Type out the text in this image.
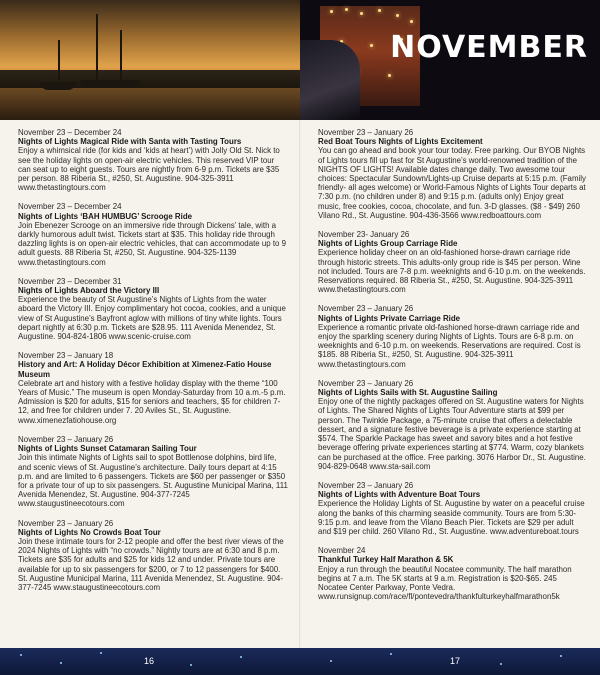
NOVEMBER
November 23 – December 24
Nights of Lights Magical Ride with Santa with Tasting Tours
Enjoy a whimsical ride (for kids and ‘kids at heart’) with Jolly Old St. Nick to see the holiday lights on open-air electric vehicles. This reserved VIP tour can seat up to eight guests. Tours are nightly from 6-9 p.m. Tickets are $35 per person. 88 Riberia St., #250, St. Augustine. 904-325-3911 www.thetastingtours.com
November 23 – December 24
Nights of Lights ‘BAH HUMBUG’ Scrooge Ride
Join Ebenezer Scrooge on an immersive ride through Dickens’ tale, with a darkly humorous adult twist. Tickets start at $35. This holiday ride through dazzling lights is on open-air electric vehicles, that can accommodate up to 9 adult guests. 88 Riberia St, #250, St. Augustine. 904-325-1139 www.thetastingtours.com
November 23 – December 31
Nights of Lights Aboard the Victory III
Experience the beauty of St Augustine’s Nights of Lights from the water aboard the Victory III. Enjoy complimentary hot cocoa, cookies, and a unique view of St Augustine’s Bayfront aglow with millions of tiny white lights. Tours depart nightly at 6:30 p.m. Tickets are $28.95. 111 Avenida Menendez, St. Augustine. 904-824-1806 www.scenic-cruise.com
November 23 – January 18
History and Art: A Holiday Décor Exhibition at Ximenez-Fatio House Museum
Celebrate art and history with a festive holiday display with the theme “100 Years of Music.” The museum is open Monday-Saturday from 10 a.m.-5 p.m. Admission is $20 for adults, $15 for seniors and teachers, $5 for children 7-12, and free for children under 7. 20 Aviles St., St. Augustine. www.ximenezfatiohouse.org
November 23 – January 26
Nights of Lights Sunset Catamaran Sailing Tour
Join this intimate Nights of Lights sail to spot Bottlenose dolphins, bird life, and scenic views of St. Augustine’s architecture. Daily tours depart at 4:15 p.m. and are limited to 6 passengers. Tickets are $60 per passenger or $350 for a private tour of up to six passengers. St. Augustine Municipal Marina, 111 Avenida Menendez, St. Augustine. 904-377-7245 www.staugustineecotours.com
November 23 – January 26
Nights of Lights No Crowds Boat Tour
Join these intimate tours for 2-12 people and offer the best river views of the 2024 Nights of Lights with “no crowds.” Nightly tours are at 6:30 and 8 p.m. Tickets are $35 for adults and $25 for kids 12 and under. Private tours are available for up to six passengers for $200, or 7 to 12 passengers for $400. St. Augustine Municipal Marina, 111 Avenida Menendez, St. Augustine. 904-377-7245 www.staugustineecotours.com
November 23 – January 26
Red Boat Tours Nights of Lights Excitement
You can go ahead and book your tour today. Free parking. Our BYOB Nights of Lights tours fill up fast for St Augustine’s world-renowned tradition of the NIGHTS OF LIGHTS! Available dates change daily. Two awesome tour choices: Spectacular Sundown/Lights-up Cruise departs at 5:15 p.m. (Family friendly- all ages welcome) or World-Famous Nights of Lights Tour departs at 7:30 p.m. (no children under 8) and 9:15 p.m. (adults only) Enjoy great music, free cookies, cocoa, chocolate, and fun. 3-D glasses. ($8 - $49) 260 Vilano Rd., St. Augustine. 904-436-3566 www.redboattours.com
November 23- January 26
Nights of Lights Group Carriage Ride
Experience holiday cheer on an old-fashioned horse-drawn carriage ride through historic streets. This adults-only group ride is $45 per person. Wine not included. Tours are 7-8 p.m. weeknights and 6-10 p.m. on the weekends. Reservations required. 88 Riberia St., #250, St. Augustine. 904-325-3911 www.thetastingtours.com
November 23 – January 26
Nights of Lights Private Carriage Ride
Experience a romantic private old-fashioned horse-drawn carriage ride and enjoy the sparkling scenery during Nights of Lights. Tours are 6-8 p.m. on weeknights and 6-10 p.m. on weekends. Reservations are required. Cost is $185. 88 Riberia St., #250, St. Augustine. 904-325-3911 www.thetastingtours.com
November 23 – January 26
Nights of Lights Sails with St. Augustine Sailing
Enjoy one of the nightly packages offered on St. Augustine waters for Nights of Lights. The Shared Nights of Lights Tour Adventure starts at $99 per person. The Twinkle Package, a 75-minute cruise that offers a delectable dessert, and a signature festive beverage is a private experience starting at $574. The Sparkle Package has sweet and savory bites and a hot festive beverage offering private experiences starting at $774. Warm, cozy blankets can be purchased at the office. Free parking. 3076 Harbor Dr., St. Augustine. 904-829-0648 www.sta-sail.com
November 23 – January 26
Nights of Lights with Adventure Boat Tours
Experience the Holiday Lights of St. Augustine by water on a peaceful cruise along the banks of this charming seaside community. Tours are from 5:30-9:15 p.m. and leave from the Vilano Beach Pier. Tickets are $29 per adult and $19 per child. 260 Vilano Rd., St. Augustine. www.adventureboat.tours
November 24
Thankful Turkey Half Marathon & 5K
Enjoy a run through the beautiful Nocatee community. The half marathon begins at 7 a.m. The 5K starts at 9 a.m. Registration is $20-$65. 245 Nocatee Center Parkway, Ponte Vedra. www.runsignup.com/race/fl/pontevedra/thankfulturkeyhalfmarathon5k
16	17
